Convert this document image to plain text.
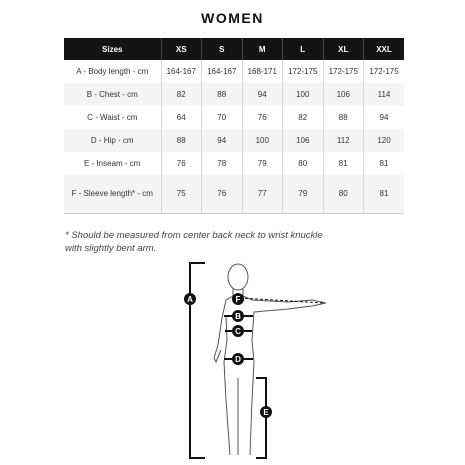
WOMEN
Sizes	XS	S	M	L	XL	XXL
A - Body length - cm	164-167	164-167	168-171	172-175	172-175	172-175
B - Chest - cm	82	88	94	100	106	114
C - Waist - cm	64	70	76	82	88	94
D - Hip - cm	88	94	100	106	112	120
E - Inseam - cm	76	78	79	80	81	81
F - Sleeve length* - cm	75	76	77	79	80	81
* Should be measured from center back neck to wrist knuckle
with slightly bent arm.
A	F
B
C
D
E
